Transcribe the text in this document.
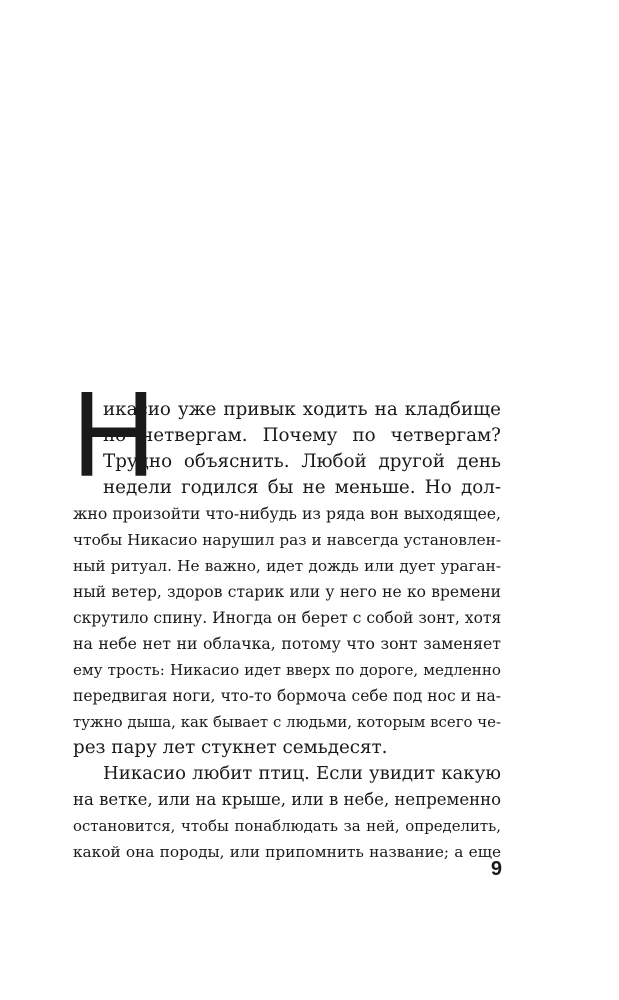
Н
икасио уже привык ходить на кладбище
по четвергам. Почему по четвергам?
Трудно объяснить. Любой другой день
недели годился бы не меньше. Но дол-
жно произойти что-нибудь из ряда вон выходящее,
чтобы Никасио нарушил раз и навсегда установлен-
ный ритуал. Не важно, идет дождь или дует ураган-
ный ветер, здоров старик или у него не ко времени
скрутило спину. Иногда он берет с собой зонт, хотя
на небе нет ни облачка, потому что зонт заменяет
ему трость: Никасио идет вверх по дороге, медленно
передвигая ноги, что-то бормоча себе под нос и на-
тужно дыша, как бывает с людьми, которым всего че-
рез пару лет стукнет семьдесят.
Никасио любит птиц. Если увидит какую
на ветке, или на крыше, или в небе, непременно
остановится, чтобы понаблюдать за ней, определить,
какой она породы, или припомнить название; а еще
9
